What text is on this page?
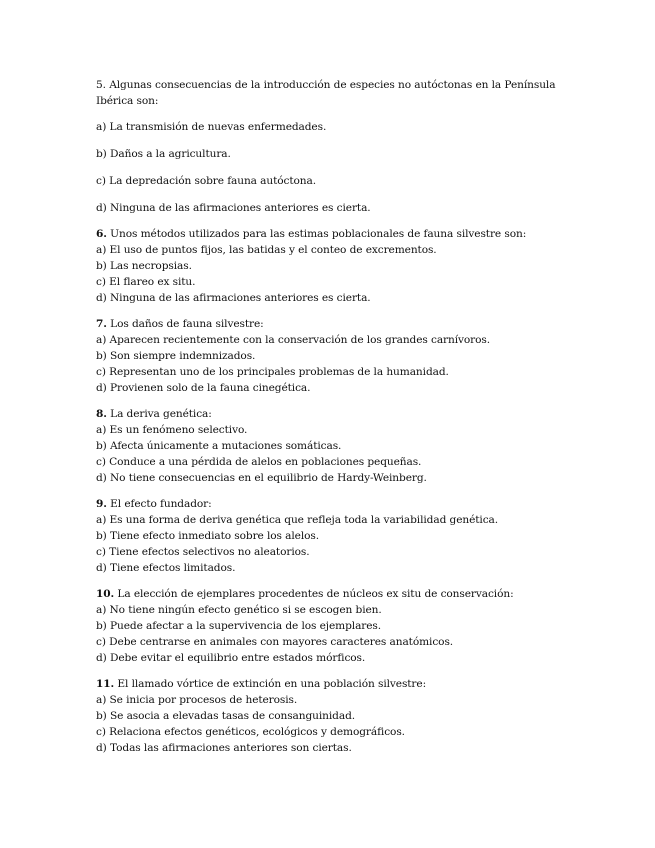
5. Algunas consecuencias de la introducción de especies no autóctonas en la Península Ibérica son:

a) La transmisión de nuevas enfermedades.

b) Daños a la agricultura.

c) La depredación sobre fauna autóctona.

d) Ninguna de las afirmaciones anteriores es cierta.

6. Unos métodos utilizados para las estimas poblacionales de fauna silvestre son:

a) El uso de puntos fijos, las batidas y el conteo de excrementos.

b) Las necropsias.

c) El flareo ex situ.

d) Ninguna de las afirmaciones anteriores es cierta.

7. Los daños de fauna silvestre:

a) Aparecen recientemente con la conservación de los grandes carnívoros.

b) Son siempre indemnizados.

c) Representan uno de los principales problemas de la humanidad.

d) Provienen solo de la fauna cinegética.

8. La deriva genética:

a) Es un fenómeno selectivo.

b) Afecta únicamente a mutaciones somáticas.

c) Conduce a una pérdida de alelos en poblaciones pequeñas.

d) No tiene consecuencias en el equilibrio de Hardy-Weinberg.

9. El efecto fundador:

a) Es una forma de deriva genética que refleja toda la variabilidad genética.

b) Tiene efecto inmediato sobre los alelos.

c) Tiene efectos selectivos no aleatorios.

d) Tiene efectos limitados.

10. La elección de ejemplares procedentes de núcleos ex situ de conservación:

a) No tiene ningún efecto genético si se escogen bien.

b) Puede afectar a la supervivencia de los ejemplares.

c) Debe centrarse en animales con mayores caracteres anatómicos.

d) Debe evitar el equilibrio entre estados mórficos.

11. El llamado vórtice de extinción en una población silvestre:

a) Se inicia por procesos de heterosis.

b) Se asocia a elevadas tasas de consanguinidad.

c) Relaciona efectos genéticos, ecológicos y demográficos.

d) Todas las afirmaciones anteriores son ciertas.
